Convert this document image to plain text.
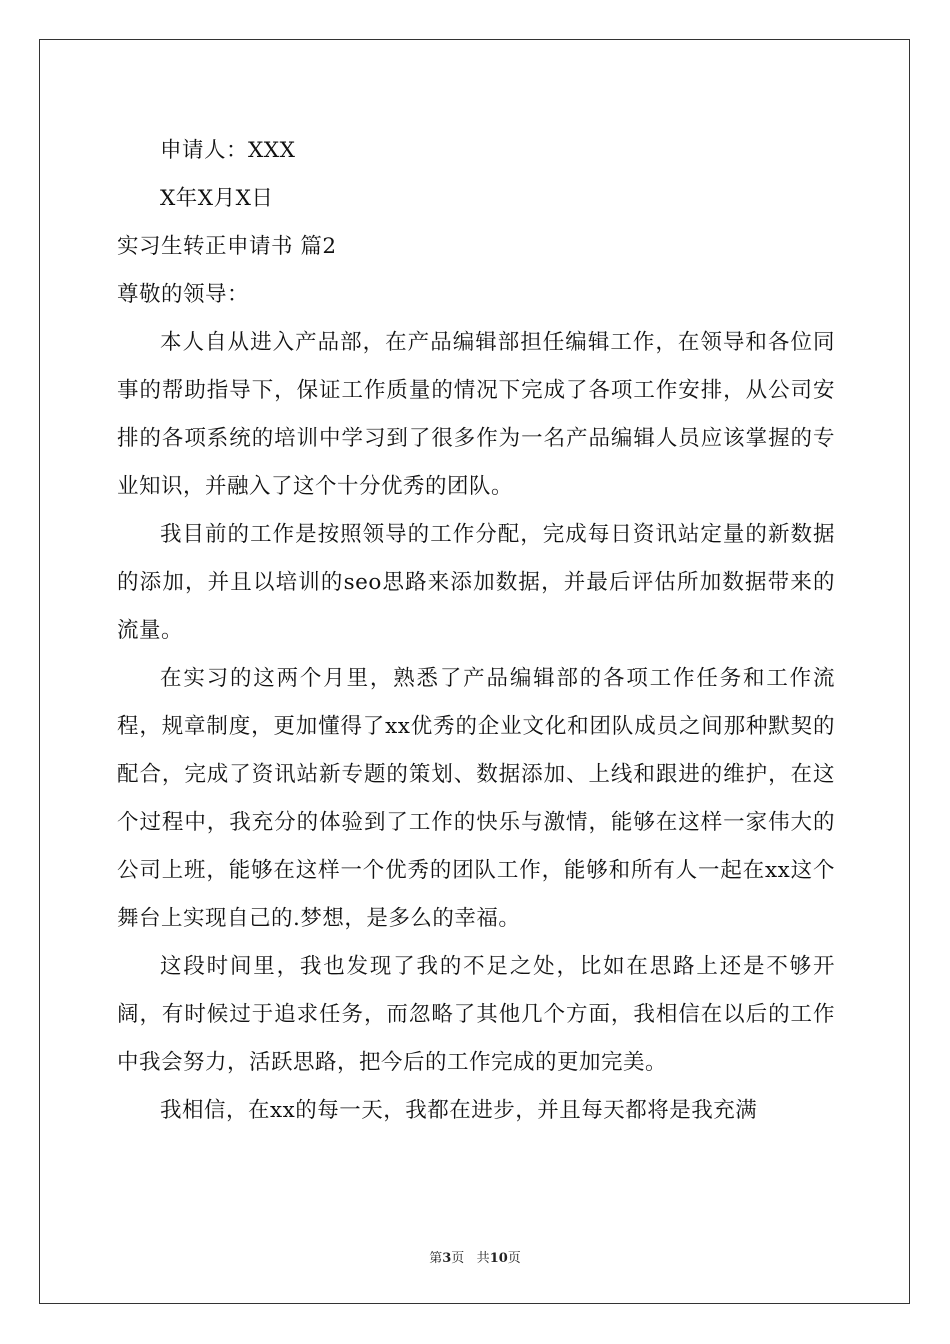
申请人：XXX
X年X月X日
实习生转正申请书 篇2
尊敬的领导：

本人自从进入产品部，在产品编辑部担任编辑工作，在领导和各位同事的帮助指导下，保证工作质量的情况下完成了各项工作安排，从公司安排的各项系统的培训中学习到了很多作为一名产品编辑人员应该掌握的专业知识，并融入了这个十分优秀的团队。

我目前的工作是按照领导的工作分配，完成每日资讯站定量的新数据的添加，并且以培训的seo思路来添加数据，并最后评估所加数据带来的流量。

在实习的这两个月里，熟悉了产品编辑部的各项工作任务和工作流程，规章制度，更加懂得了xx优秀的企业文化和团队成员之间那种默契的配合，完成了资讯站新专题的策划、数据添加、上线和跟进的维护，在这个过程中，我充分的体验到了工作的快乐与激情，能够在这样一家伟大的公司上班，能够在这样一个优秀的团队工作，能够和所有人一起在xx这个舞台上实现自己的.梦想，是多么的幸福。

这段时间里，我也发现了我的不足之处，比如在思路上还是不够开阔，有时候过于追求任务，而忽略了其他几个方面，我相信在以后的工作中我会努力，活跃思路，把今后的工作完成的更加完美。

我相信，在xx的每一天，我都在进步，并且每天都将是我充满

第3页 共10页
